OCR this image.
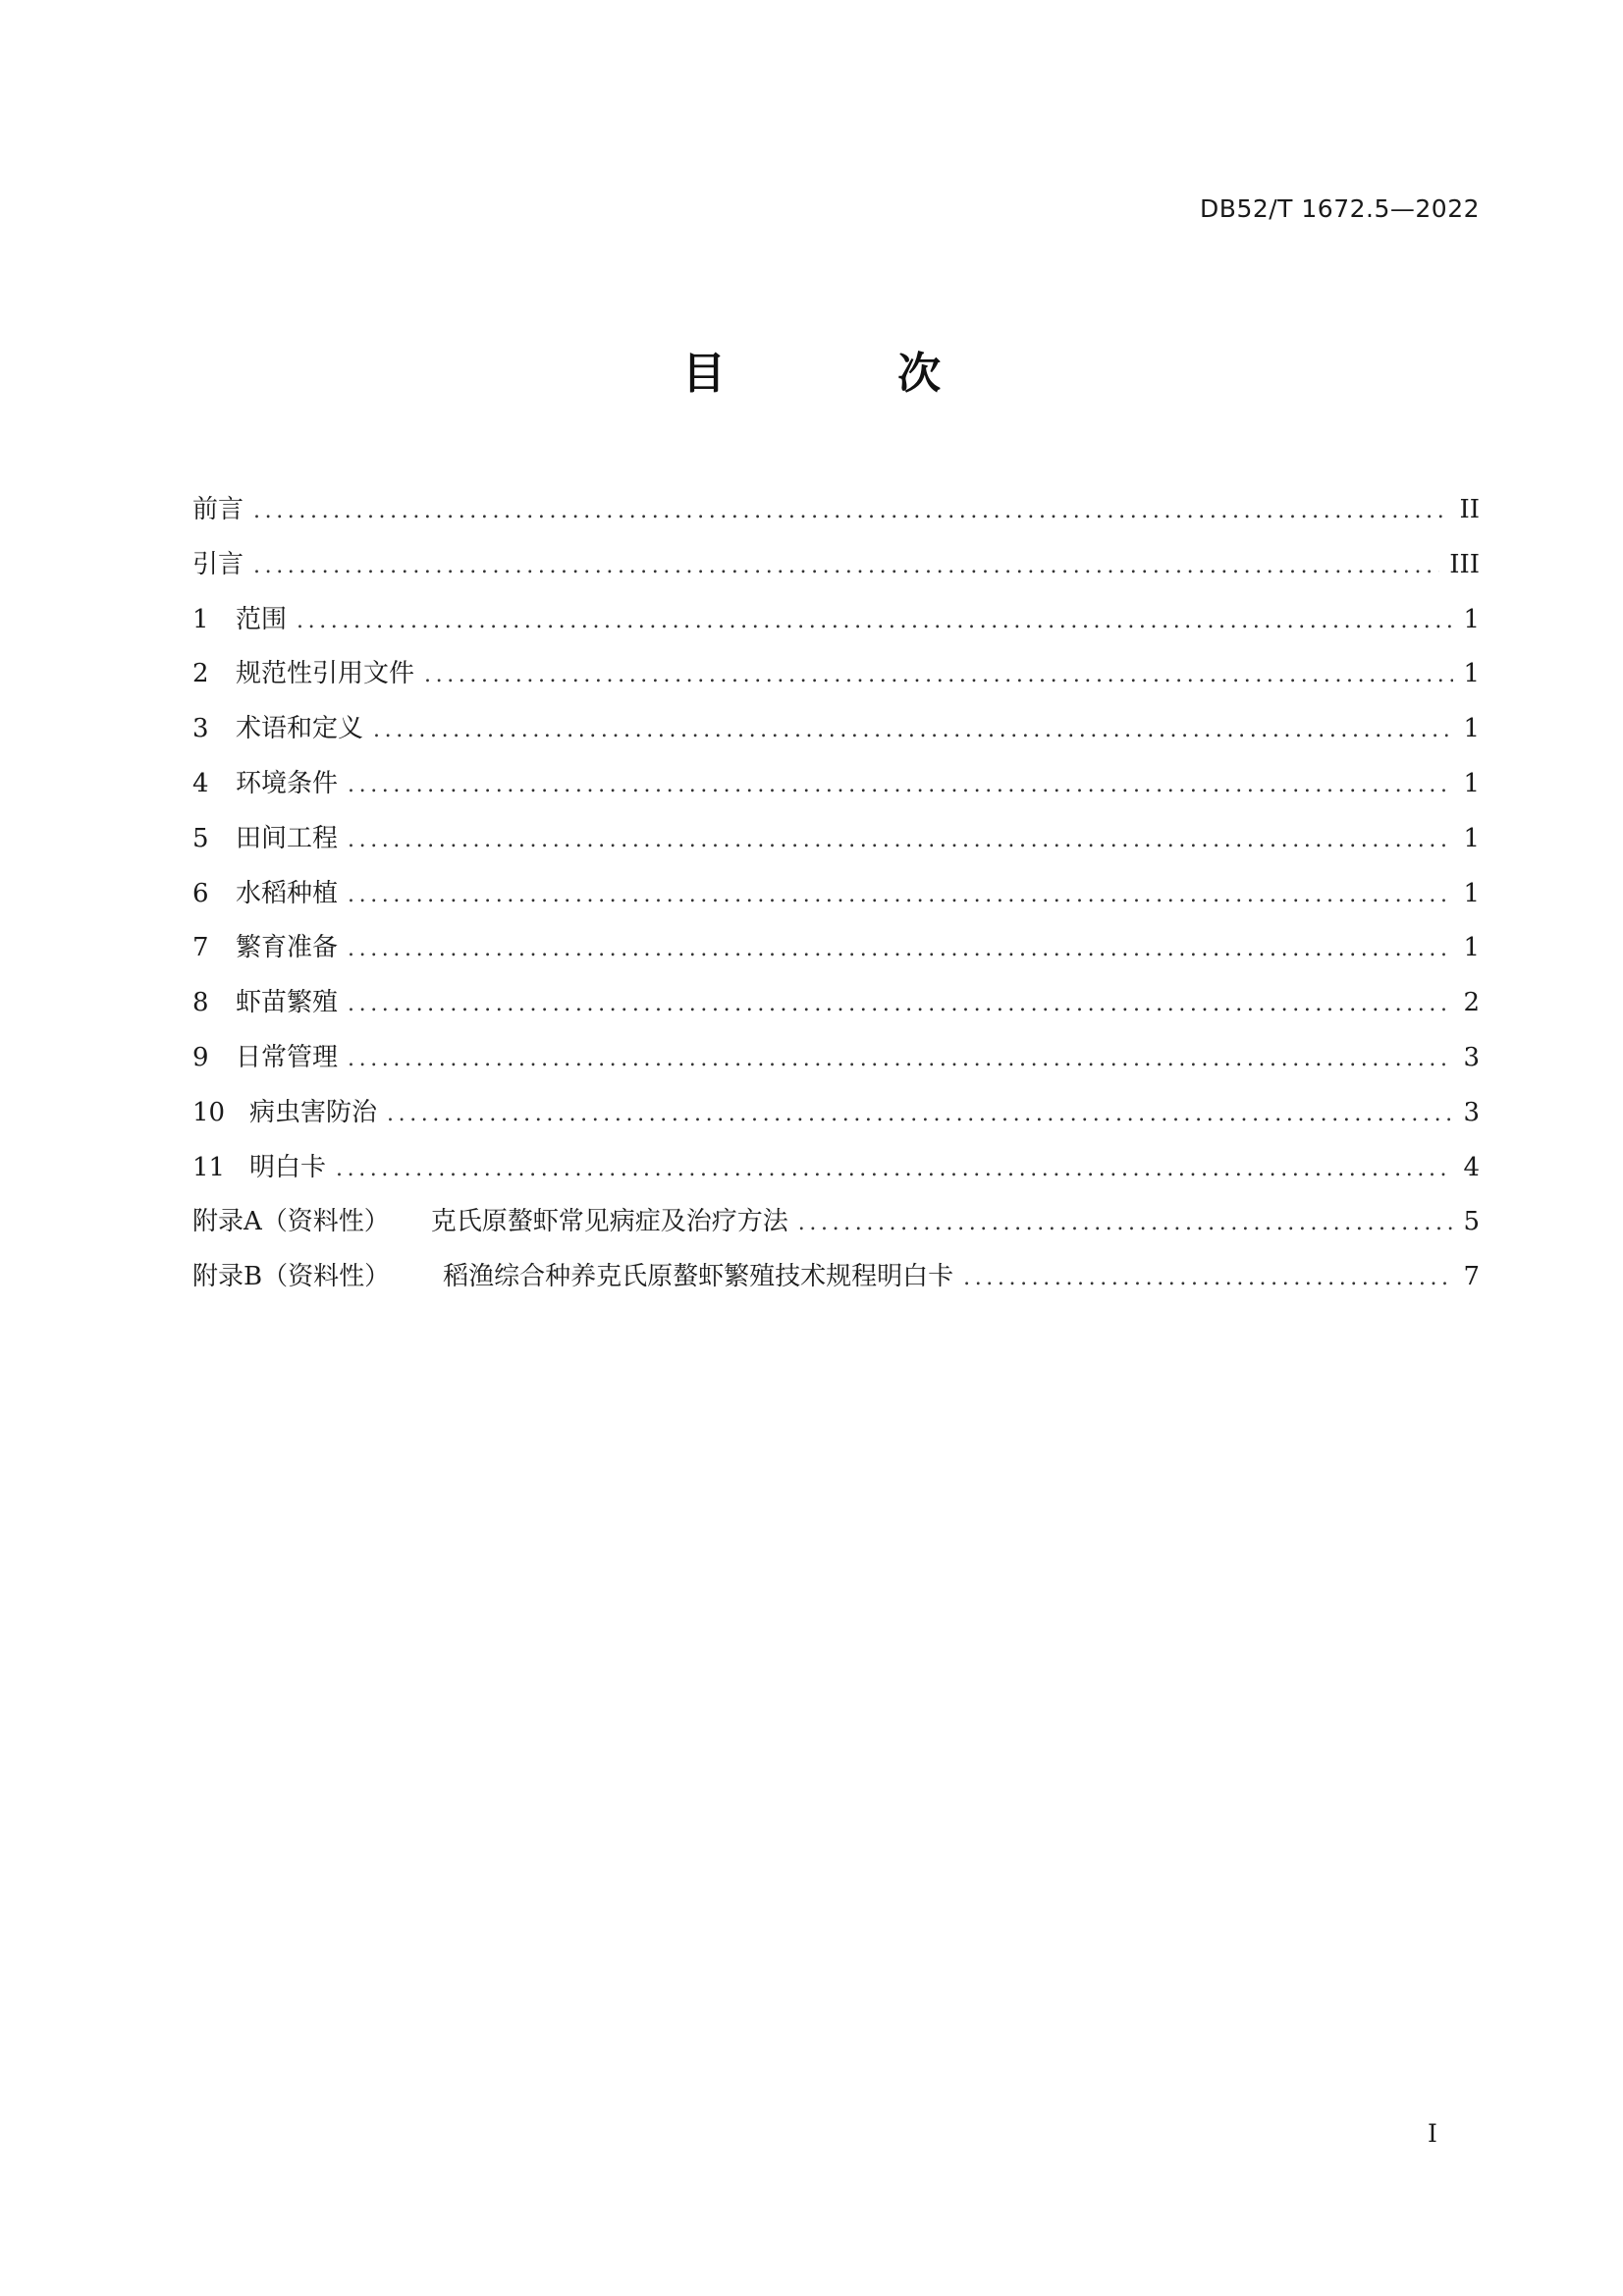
DB52/T 1672.5—2022
目 次
前言 .....	II
引言 .....	III
1	范围 .....	1
2	规范性引用文件 .....	1
3	术语和定义 .....	1
4	环境条件 .....	1
5	田间工程 .....	1
6	水稻种植 .....	1
7	繁育准备 .....	1
8	虾苗繁殖 .....	2
9	日常管理 .....	3
10 病虫害防治 .....	3
11 明白卡 .....	4
附录A（资料性） 克氏原螯虾常见病症及治疗方法 .....	5
附录B（资料性） 稻渔综合种养克氏原螯虾繁殖技术规程明白卡 .....	7
I
